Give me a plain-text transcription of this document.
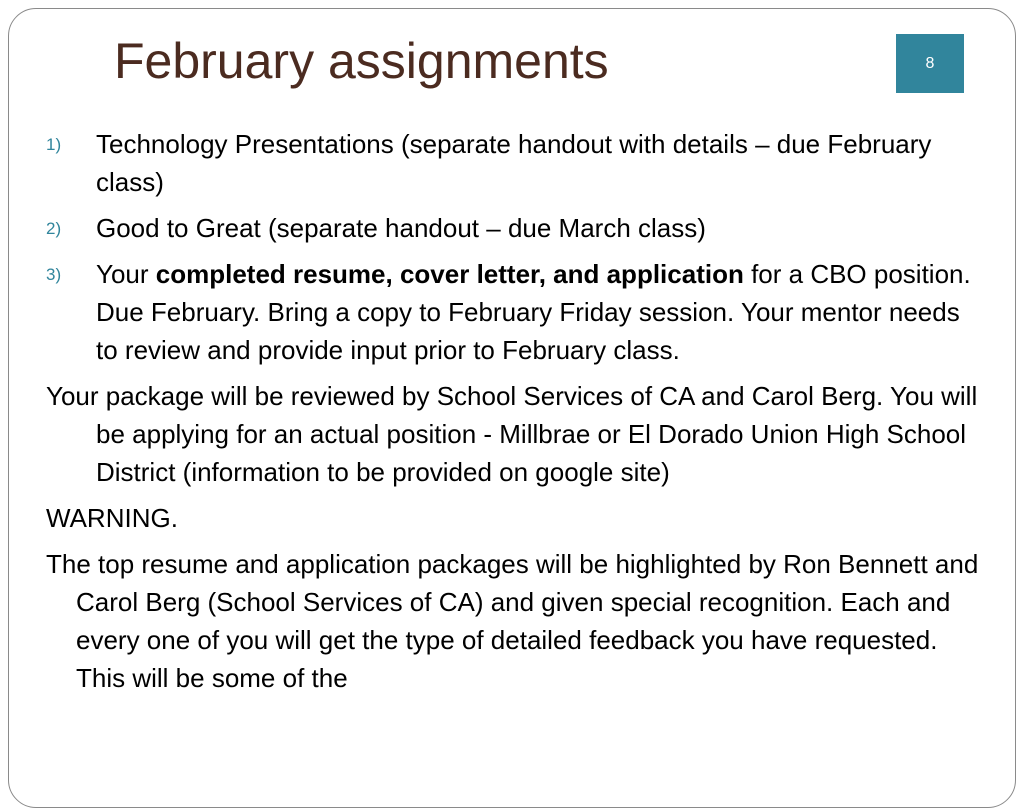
February assignments	8
1) Technology Presentations (separate handout with details – due February class)
2) Good to Great (separate handout – due March class)
3) Your completed resume, cover letter, and application for a CBO position. Due February. Bring a copy to February Friday session. Your mentor needs to review and provide input prior to February class.
Your package will be reviewed by School Services of CA and Carol Berg. You will be applying for an actual position - Millbrae or El Dorado Union High School District (information to be provided on google site)
WARNING.
The top resume and application packages will be highlighted by Ron Bennett and Carol Berg (School Services of CA) and given special recognition. Each and every one of you will get the type of detailed feedback you have requested. This will be some of the
